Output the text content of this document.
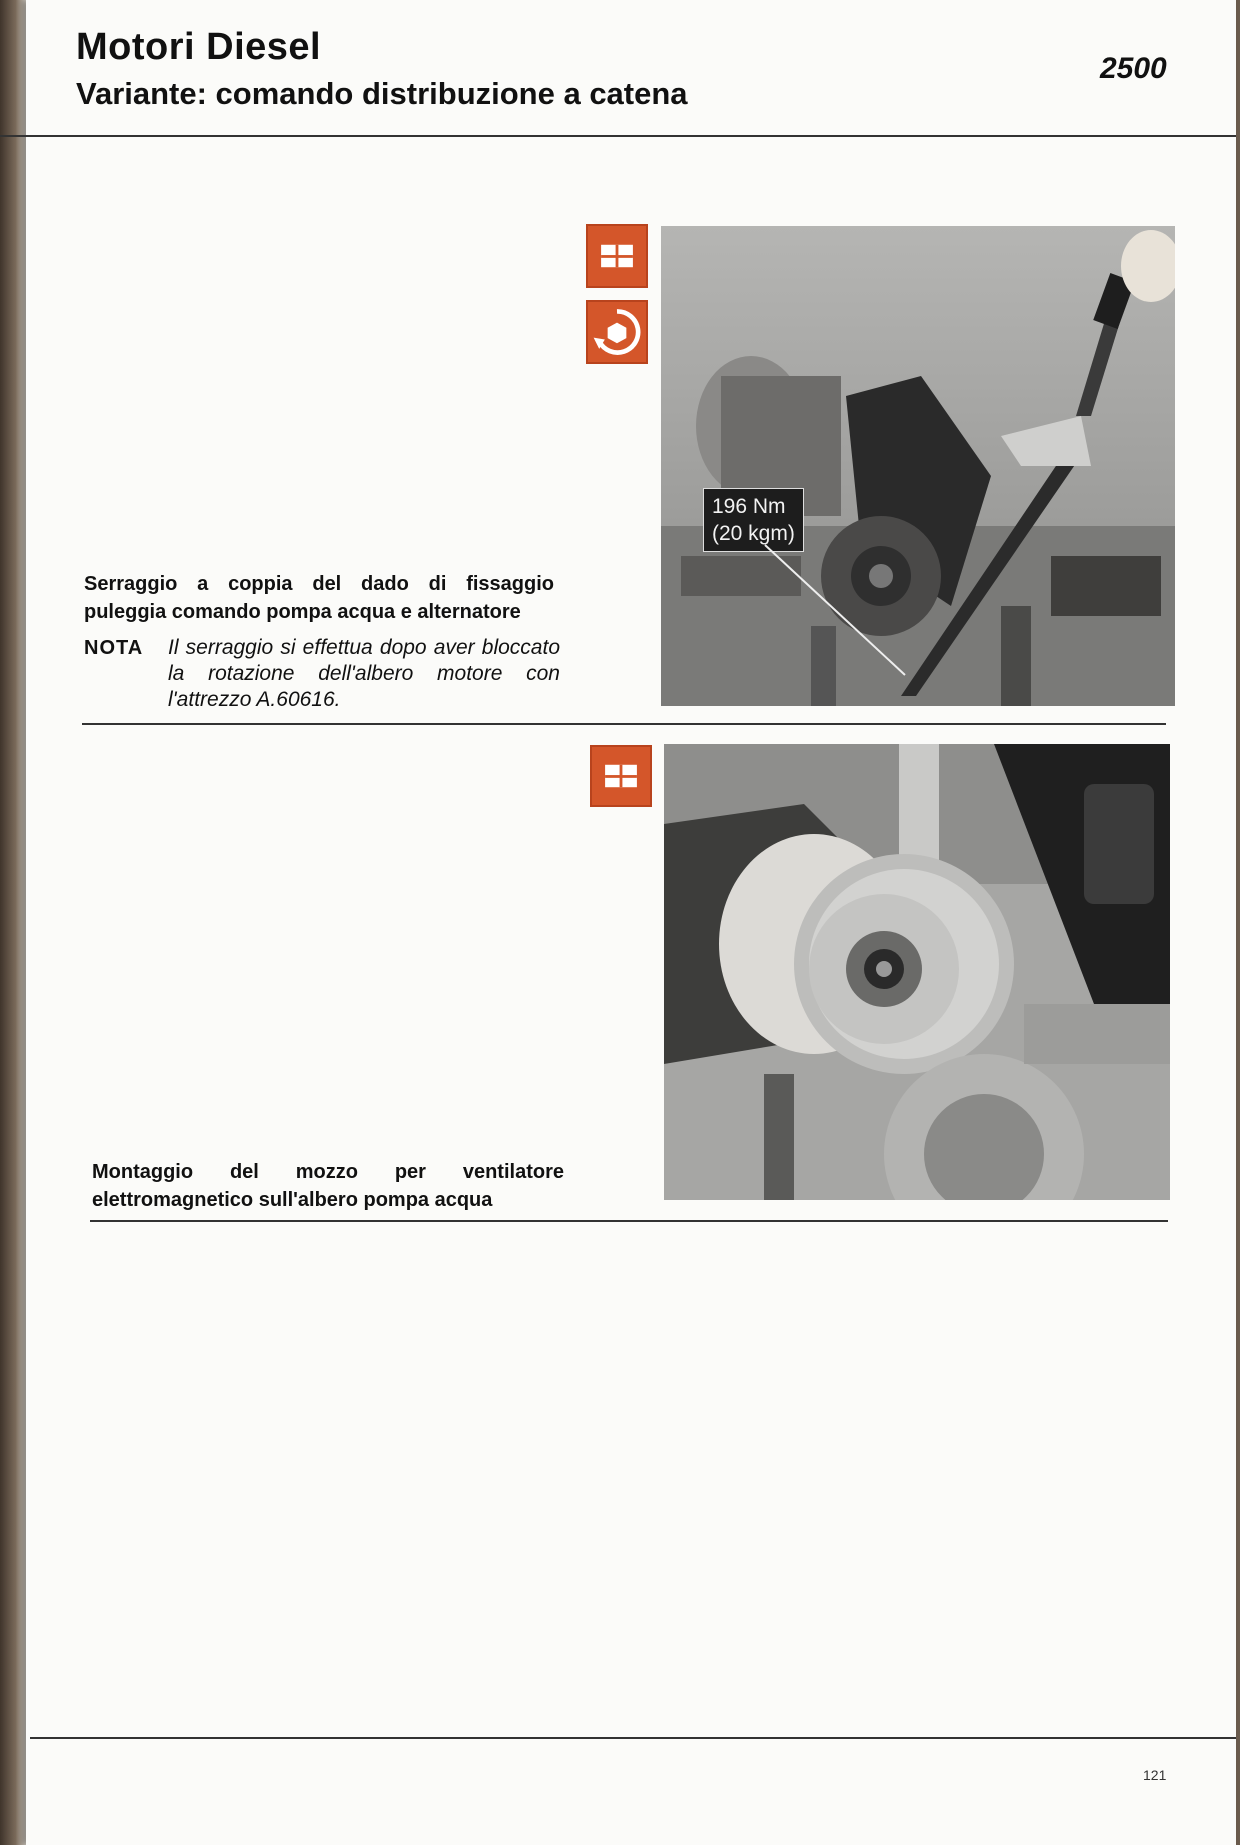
Motori Diesel
Variante: comando distribuzione a catena
2500
196 Nm
(20 kgm)
Serraggio a coppia del dado di fissaggio puleggia comando pompa acqua e alternatore
NOTA Il serraggio si effettua dopo aver bloccato la rotazione dell'albero motore con l'attrezzo A.60616.
Montaggio del mozzo per ventilatore elettromagnetico sull'albero pompa acqua
121
